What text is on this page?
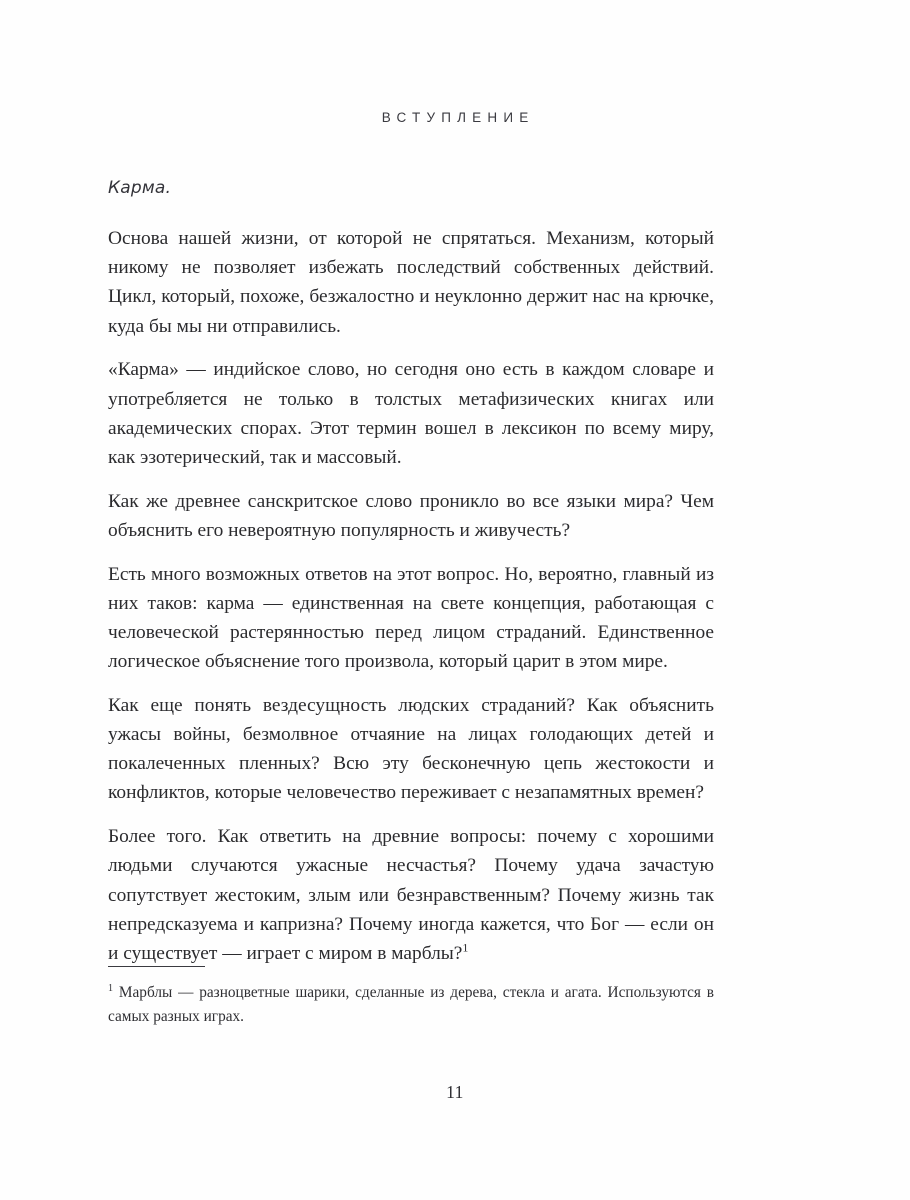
ВСТУПЛЕНИЕ

Карма.

Основа нашей жизни, от которой не спрятаться. Механизм, который никому не позволяет избежать последствий собственных действий. Цикл, который, похоже, безжалостно и неуклонно держит нас на крючке, куда бы мы ни отправились.

«Карма» — индийское слово, но сегодня оно есть в каждом словаре и употребляется не только в толстых метафизических книгах или академических спорах. Этот термин вошел в лексикон по всему миру, как эзотерический, так и массовый.

Как же древнее санскритское слово проникло во все языки мира? Чем объяснить его невероятную популярность и живучесть?

Есть много возможных ответов на этот вопрос. Но, вероятно, главный из них таков: карма — единственная на свете концепция, работающая с человеческой растерянностью перед лицом страданий. Единственное логическое объяснение того произвола, который царит в этом мире.

Как еще понять вездесущность людских страданий? Как объяснить ужасы войны, безмолвное отчаяние на лицах голодающих детей и покалеченных пленных? Всю эту бесконечную цепь жестокости и конфликтов, которые человечество переживает с незапамятных времен?

Более того. Как ответить на древние вопросы: почему с хорошими людьми случаются ужасные несчастья? Почему удача зачастую сопутствует жестоким, злым или безнравственным? Почему жизнь так непредсказуема и капризна? Почему иногда кажется, что Бог — если он и существует — играет с миром в марблы?$^1$

$^1$ Марблы — разноцветные шарики, сделанные из дерева, стекла и агата. Используются в самых разных играх.

11
